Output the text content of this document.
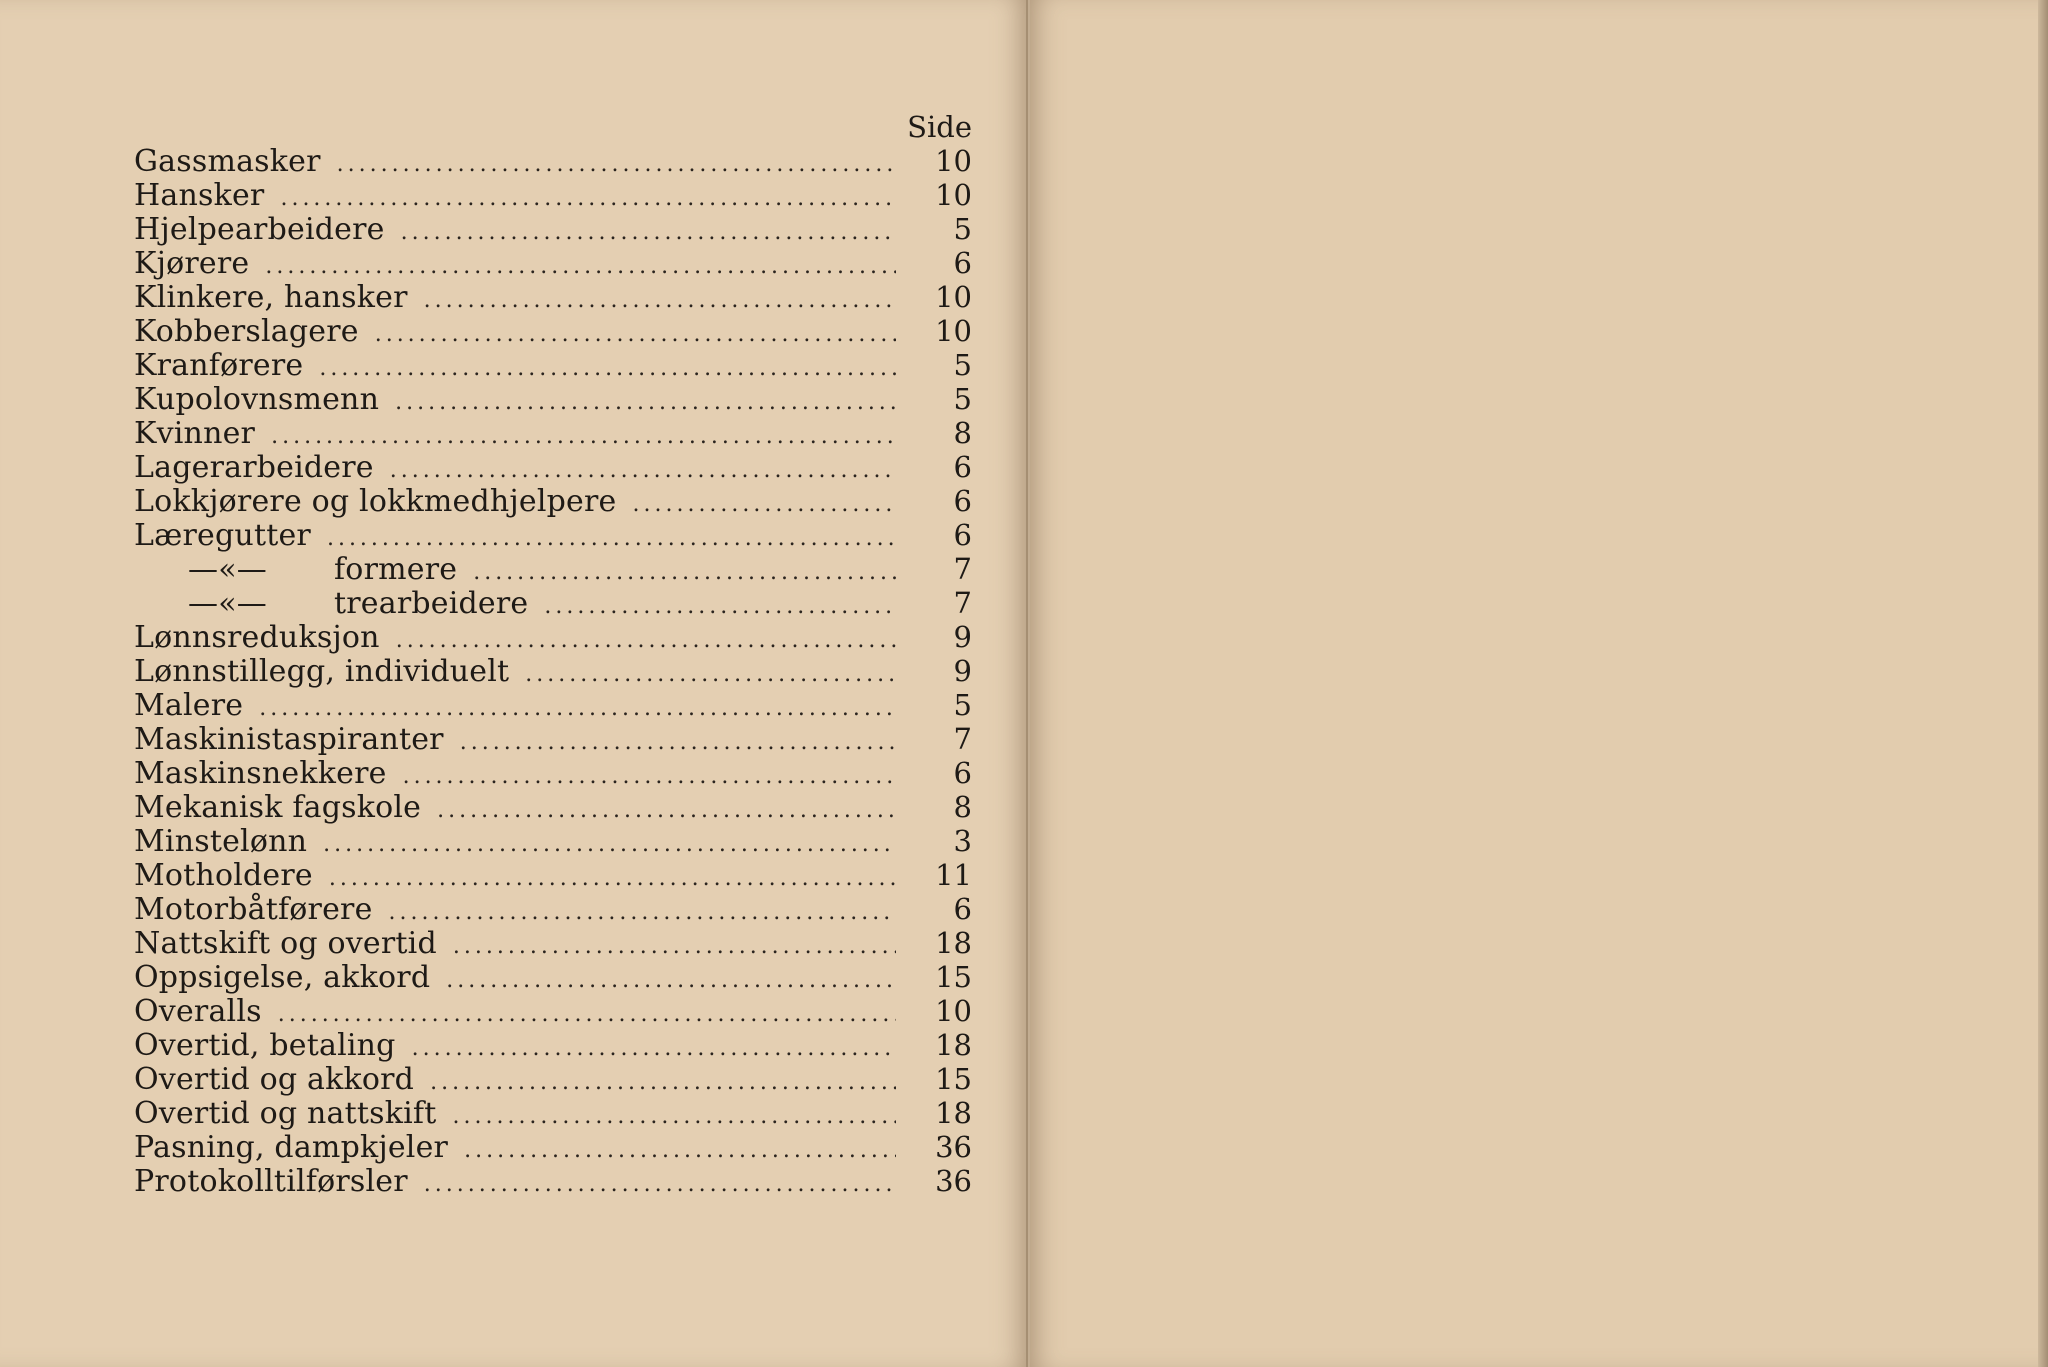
Side
Gassmasker .....	10
Hansker .....	10
Hjelpearbeidere .....	5
Kjørere .....	6
Klinkere, hansker .....	10
Kobberslagere .....	10
Kranførere .....	5
Kupolovnsmenn .....	5
Kvinner .....	8
Lagerarbeidere .....	6
Lokkjørere og lokkmedhjelpere .....	6
Læregutter .....	6
—«— formere .....	7
—«— trearbeidere .....	7
Lønnsreduksjon .....	9
Lønnstillegg, individuelt .....	9
Malere .....	5
Maskinistaspiranter .....	7
Maskinsnekkere .....	6
Mekanisk fagskole .....	8
Minstelønn .....	3
Motholdere .....	11
Motorbåtførere .....	6
Nattskift og overtid .....	18
Oppsigelse, akkord .....	15
Overalls .....	10
Overtid, betaling .....	18
Overtid og akkord .....	15
Overtid og nattskift .....	18
Pasning, dampkjeler .....	36
Protokolltilførsler .....	36
